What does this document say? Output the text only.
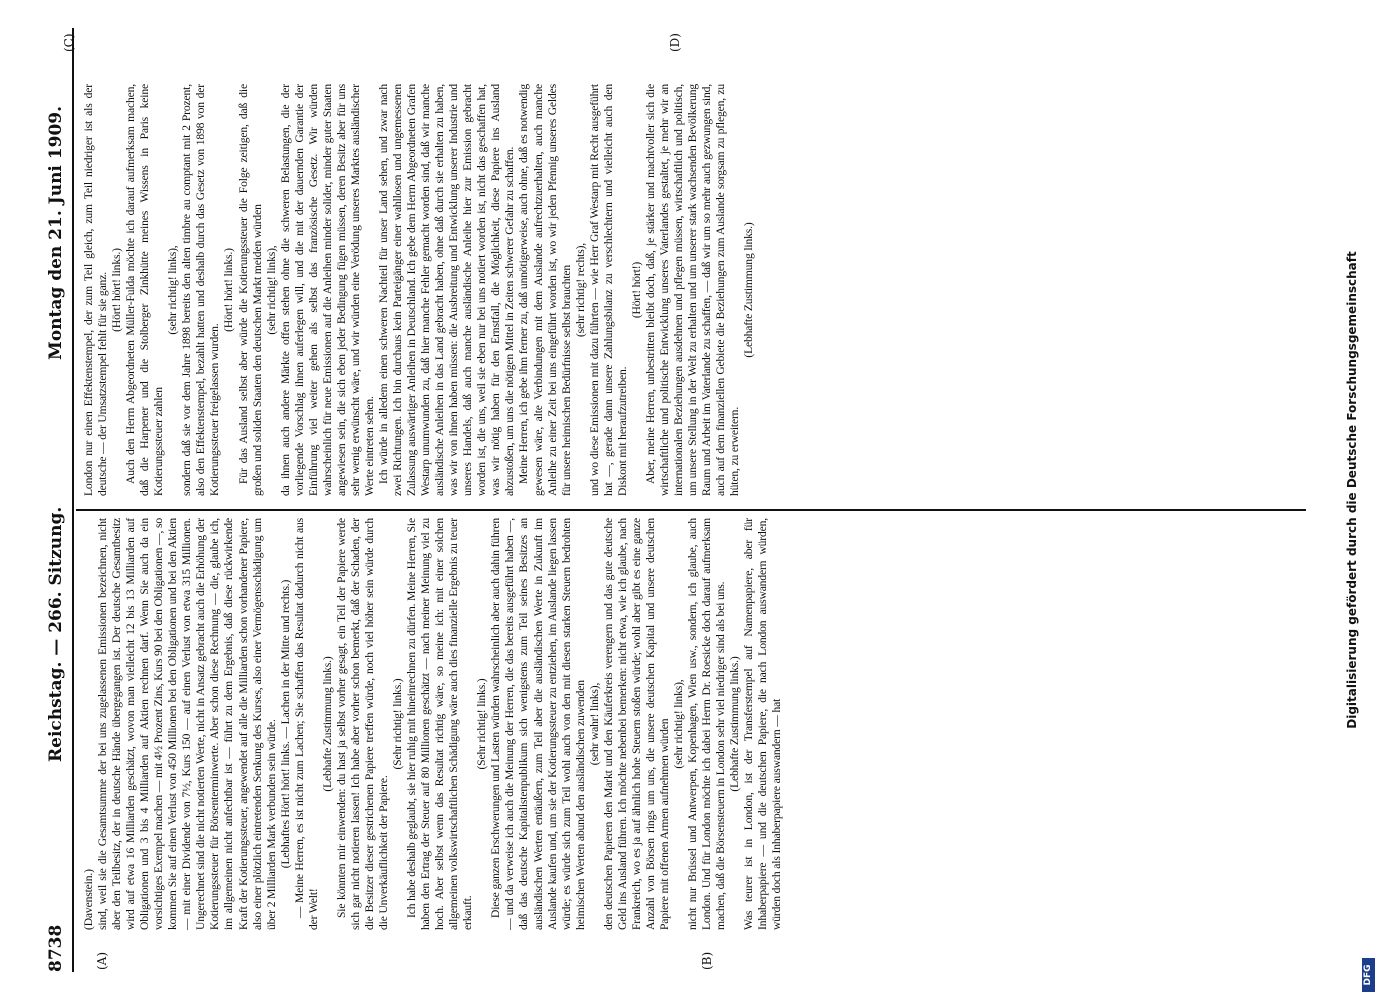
8738
Reichstag. — 266. Sitzung.
Montag den 21. Juni 1909.
(A)	(B)
(C)	(D)

(Davenstein.) sind, weil sie die Gesamtsumme der bei uns zugelassenen Emissionen bezeichnen, nicht aber den Teilbesitz, der in deutsche Hände übergegangen ist. Der deutsche Gesamtbesitz wird auf etwa 16 Milliarden geschätzt, wovon man vielleicht 12 bis 13 Milliarden auf Obligationen und 3 bis 4 Milliarden auf Aktien rechnen darf. Wenn Sie auch da ein vorsichtiges Exempel machen — mit 4½ Prozent Zins, Kurs 90 bei den Obligationen —, so kommen Sie auf einen Verlust von 450 Millionen bei den Obligationen und bei den Aktien — mit einer Dividende von 7½, Kurs 150 — auf einen Verlust von etwa 315 Millionen. Ungerechnet sind die nicht notierten Werte, nicht in Ansatz gebracht auch die Erhöhung der Kotierungssteuer für Börsenterminwerte. Aber schon diese Rechnung — die, glaube ich, im allgemeinen nicht anfechtbar ist — führt zu dem Ergebnis, daß diese rückwirkende Kraft der Kotierungssteuer, angewendet auf alle die Milliarden schon vorhandener Papiere, also einer plötzlich eintretenden Senkung des Kurses, also einer Vermögensschädigung um über 2 Milliarden Mark verbunden sein würde. (Lebhaftes Hört! hört! links. — Lachen in der Mitte und rechts.) — Meine Herren, es ist nicht zum Lachen; Sie schaffen das Resultat dadurch nicht aus der Welt!

(Lebhafte Zustimmung links.) Sie könnten mir einwenden: du hast ja selbst vorher gesagt, ein Teil der Papiere werde sich gar nicht notieren lassen! Ich habe aber vorher schon bemerkt, daß der Schaden, der die Besitzer dieser gestrichenen Papiere treffen würde, noch viel höher sein würde durch die Unverkäuflichkeit der Papiere.

(Sehr richtig! links.) Ich habe deshalb geglaubt, sie hier ruhig mit hineinrechnen zu dürfen. Meine Herren, Sie haben den Ertrag der Steuer auf 80 Millionen geschätzt — nach meiner Meinung viel zu hoch. Aber selbst wenn das Resultat richtig wäre, so meine ich: mit einer solchen allgemeinen volkswirtschaftlichen Schädigung wäre auch dies finanzielle Ergebnis zu teuer erkauft.

(Sehr richtig! links.) Diese ganzen Erschwerungen und Lasten würden wahrscheinlich aber auch dahin führen — und da verweise ich auch die Meinung der Herren, die das bereits ausgeführt haben —, daß das deutsche Kapitalistenpublikum sich wenigstens zum Teil seines Besitzes an ausländischen Werten entäußern, zum Teil aber die ausländischen Werte in Zukunft im Auslande kaufen und, um sie der Kotierungssteuer zu entziehen, im Auslande liegen lassen würde; es würde sich zum Teil wohl auch von den mit diesen starken Steuern bedrohten heimischen Werten abund den ausländischen zuwenden (sehr wahr! links), den deutschen Papieren den Markt und den Käuferkreis verengern und das gute deutsche Geld ins Ausland führen. Ich möchte nebenbei bemerken: nicht etwa, wie ich glaube, nach Frankreich, wo es ja auf ähnlich hohe Steuern stoßen würde; wohl aber gibt es eine ganze Anzahl von Börsen rings um uns, die unsere deutschen Kapital und unsere deutschen Papiere mit offenen Armen aufnehmen würden (sehr richtig! links), nicht nur Brüssel und Antwerpen, Kopenhagen, Wien usw., sondern, ich glaube, auch London. Und für London möchte ich dabei Herrn Dr. Roesicke doch darauf aufmerksam machen, daß die Börsensteuern in London sehr viel niedriger sind als bei uns. (Lebhafte Zustimmung links.) Was teurer ist in London, ist der Transferstempel auf Namenpapiere, aber für Inhaberpapiere — und die deutschen Papiere, die nach London auswandern würden, würden doch als Inhaberpapiere auswandern — hat

London nur einen Effektenstempel, der zum Teil gleich, zum Teil niedriger ist als der deutsche — der Umsatzstempel fehlt für sie ganz. (Hört! hört! links.) Auch den Herrn Abgeordneten Müller-Fulda möchte ich darauf aufmerksam machen, daß die Harpener und die Stolberger Zinkhütte meines Wissens in Paris keine Kotierungssteuer zahlen

(sehr richtig! links), sondern daß sie vor dem Jahre 1898 bereits den alten timbre au comptant mit 2 Prozent, also den Effektenstempel, bezahlt hatten und deshalb durch das Gesetz von 1898 von der Kotierungssteuer freigelassen wurden.

(Hört! hört! links.) Für das Ausland selbst aber würde die Kotierungssteuer die Folge zeitigen, daß die großen und soliden Staaten den deutschen Markt meiden würden (sehr richtig! links), da ihnen auch andere Märkte offen stehen ohne die schweren Belastungen, die der vorliegende Vorschlag ihnen auferlegen will, und die mit der dauernden Garantie der Einführung viel weiter gehen als selbst das französische Gesetz. Wir würden wahrscheinlich für neue Emissionen auf die Anleihen minder solider, minder guter Staaten angewiesen sein, die sich eben jeder Bedingung fügen müssen, deren Besitz aber für uns sehr wenig erwünscht wäre, und wir würden eine Verödung unseres Marktes ausländischer Werte eintreten sehen. Ich würde in alledem einen schweren Nachteil für unser Land sehen, und zwar nach zwei Richtungen. Ich bin durchaus kein Parteigänger einer wahllosen und ungemessenen Zulassung auswärtiger Anleihen in Deutschland. Ich gebe dem Herrn Abgeordneten Grafen Westarp unumwunden zu, daß hier manche Fehler gemacht worden sind, daß wir manche ausländische Anleihen in das Land gebracht haben, ohne daß durch sie erhalten zu haben, was wir von ihnen haben müssen: die Ausbreitung und Entwicklung unserer Industrie und unseres Handels, daß auch manche ausländische Anleihe hier zur Emission gebracht worden ist, die uns, weil sie eben nur bei uns notiert worden ist, nicht das geschaffen hat, was wir nötig haben für den Ernstfall, die Möglichkeit, diese Papiere ins Ausland abzustoßen, um uns die nötigen Mittel in Zeiten schwerer Gefahr zu schaffen. Meine Herren, ich gebe ihm ferner zu, daß unnötigerweise, auch ohne, daß es notwendig gewesen wäre, alte Verbindungen mit dem Auslande aufrechtzuerhalten, auch manche Anleihe zu einer Zeit bei uns eingeführt worden ist, wo wir jeden Pfennig unseres Geldes für unsere heimischen Bedürfnisse selbst brauchten (sehr richtig! rechts), und wo diese Emissionen mit dazu führten — wie Herr Graf Westarp mit Recht ausgeführt hat —, gerade dann unsere Zahlungsbilanz zu verschlechtern und vielleicht auch den Diskont mit heraufzutreiben.

(Hört! hört!) Aber, meine Herren, unbestritten bleibt doch, daß, je stärker und machtvoller sich die wirtschaftliche und politische Entwicklung unseres Vaterlandes gestaltet, je mehr wir an internationalen Beziehungen ausdehnen und pflegen müssen, wirtschaftlich und politisch, um unsere Stellung in der Welt zu erhalten und um unserer stark wachsenden Bevölkerung Raum und Arbeit im Vaterlande zu schaffen, — daß wir um so mehr auch gezwungen sind, auch auf dem finanziellen Gebiete die Beziehungen zum Auslande sorgsam zu pflegen, zu hüten, zu erweitern.

(Lebhafte Zustimmung links.)	Digitalisierung gefördert durch die Deutsche Forschungsgemeinschaft
DFG
